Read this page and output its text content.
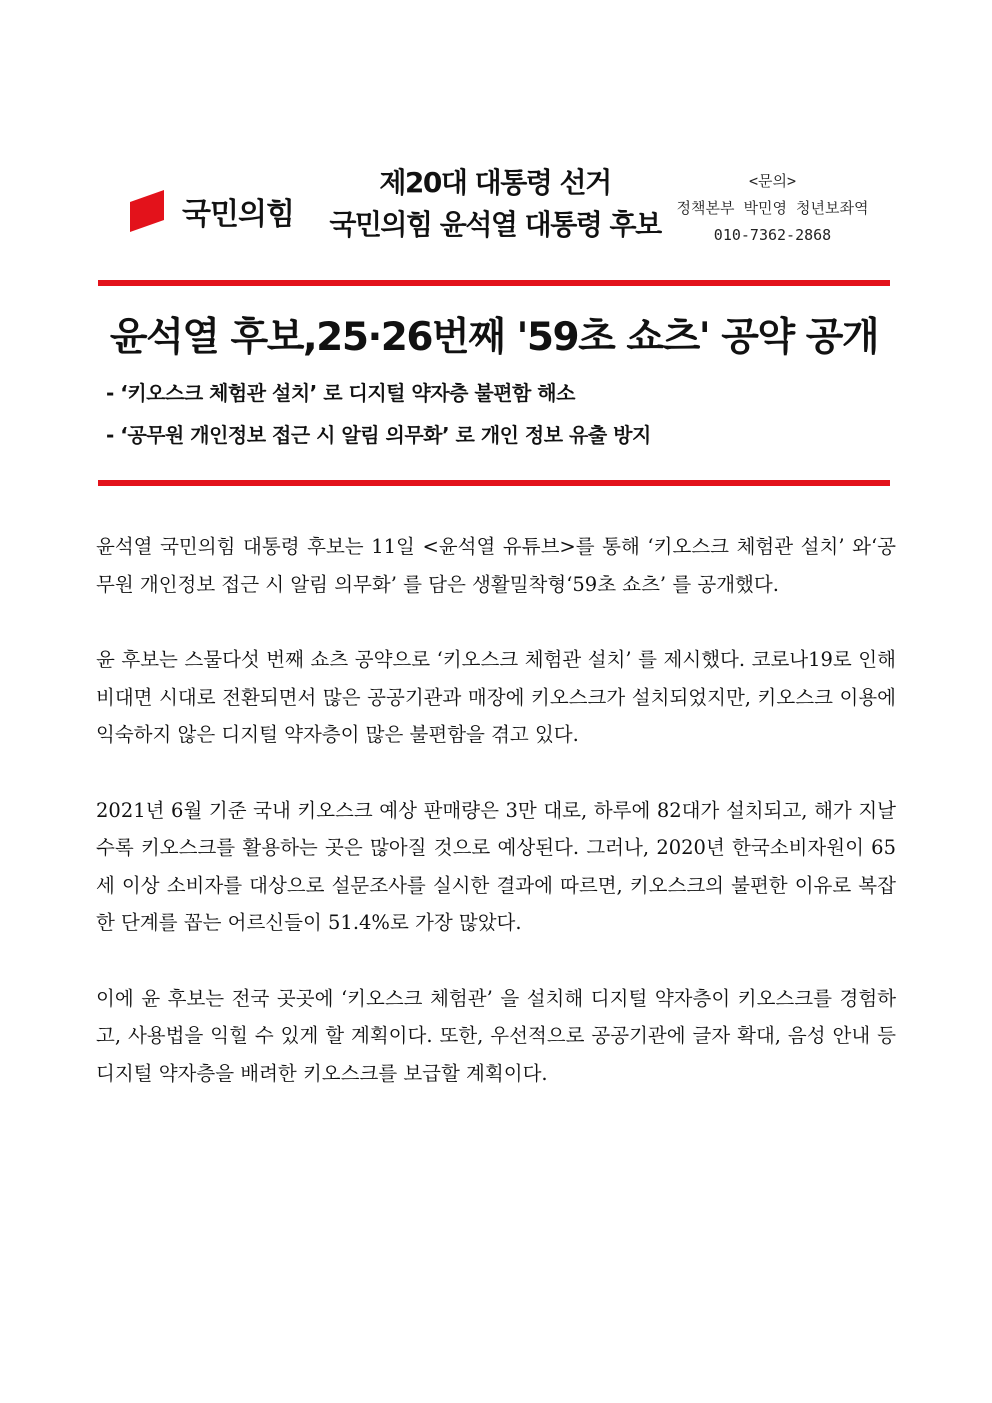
국민의힘
제20대 대통령 선거
국민의힘 윤석열 대통령 후보
<문의>
정책본부 박민영 청년보좌역
010-7362-2868
윤석열 후보,25·26번째 '59초 쇼츠' 공약 공개
- ‘키오스크 체험관 설치’ 로 디지털 약자층 불편함 해소
- ‘공무원 개인정보 접근 시 알림 의무화’ 로 개인 정보 유출 방지

윤석열 국민의힘 대통령 후보는 11일 <윤석열 유튜브>를 통해 ‘키오스크 체험관 설치’ 와‘공무원 개인정보 접근 시 알림 의무화’ 를 담은 생활밀착형‘59초 쇼츠’ 를 공개했다.

윤 후보는 스물다섯 번째 쇼츠 공약으로 ‘키오스크 체험관 설치’ 를 제시했다. 코로나19로 인해 비대면 시대로 전환되면서 많은 공공기관과 매장에 키오스크가 설치되었지만, 키오스크 이용에 익숙하지 않은 디지털 약자층이 많은 불편함을 겪고 있다.

2021년 6월 기준 국내 키오스크 예상 판매량은 3만 대로, 하루에 82대가 설치되고, 해가 지날수록 키오스크를 활용하는 곳은 많아질 것으로 예상된다. 그러나, 2020년 한국소비자원이 65세 이상 소비자를 대상으로 설문조사를 실시한 결과에 따르면, 키오스크의 불편한 이유로 복잡한 단계를 꼽는 어르신들이 51.4%로 가장 많았다.

이에 윤 후보는 전국 곳곳에 ‘키오스크 체험관’ 을 설치해 디지털 약자층이 키오스크를 경험하고, 사용법을 익힐 수 있게 할 계획이다. 또한, 우선적으로 공공기관에 글자 확대, 음성 안내 등 디지털 약자층을 배려한 키오스크를 보급할 계획이다.
